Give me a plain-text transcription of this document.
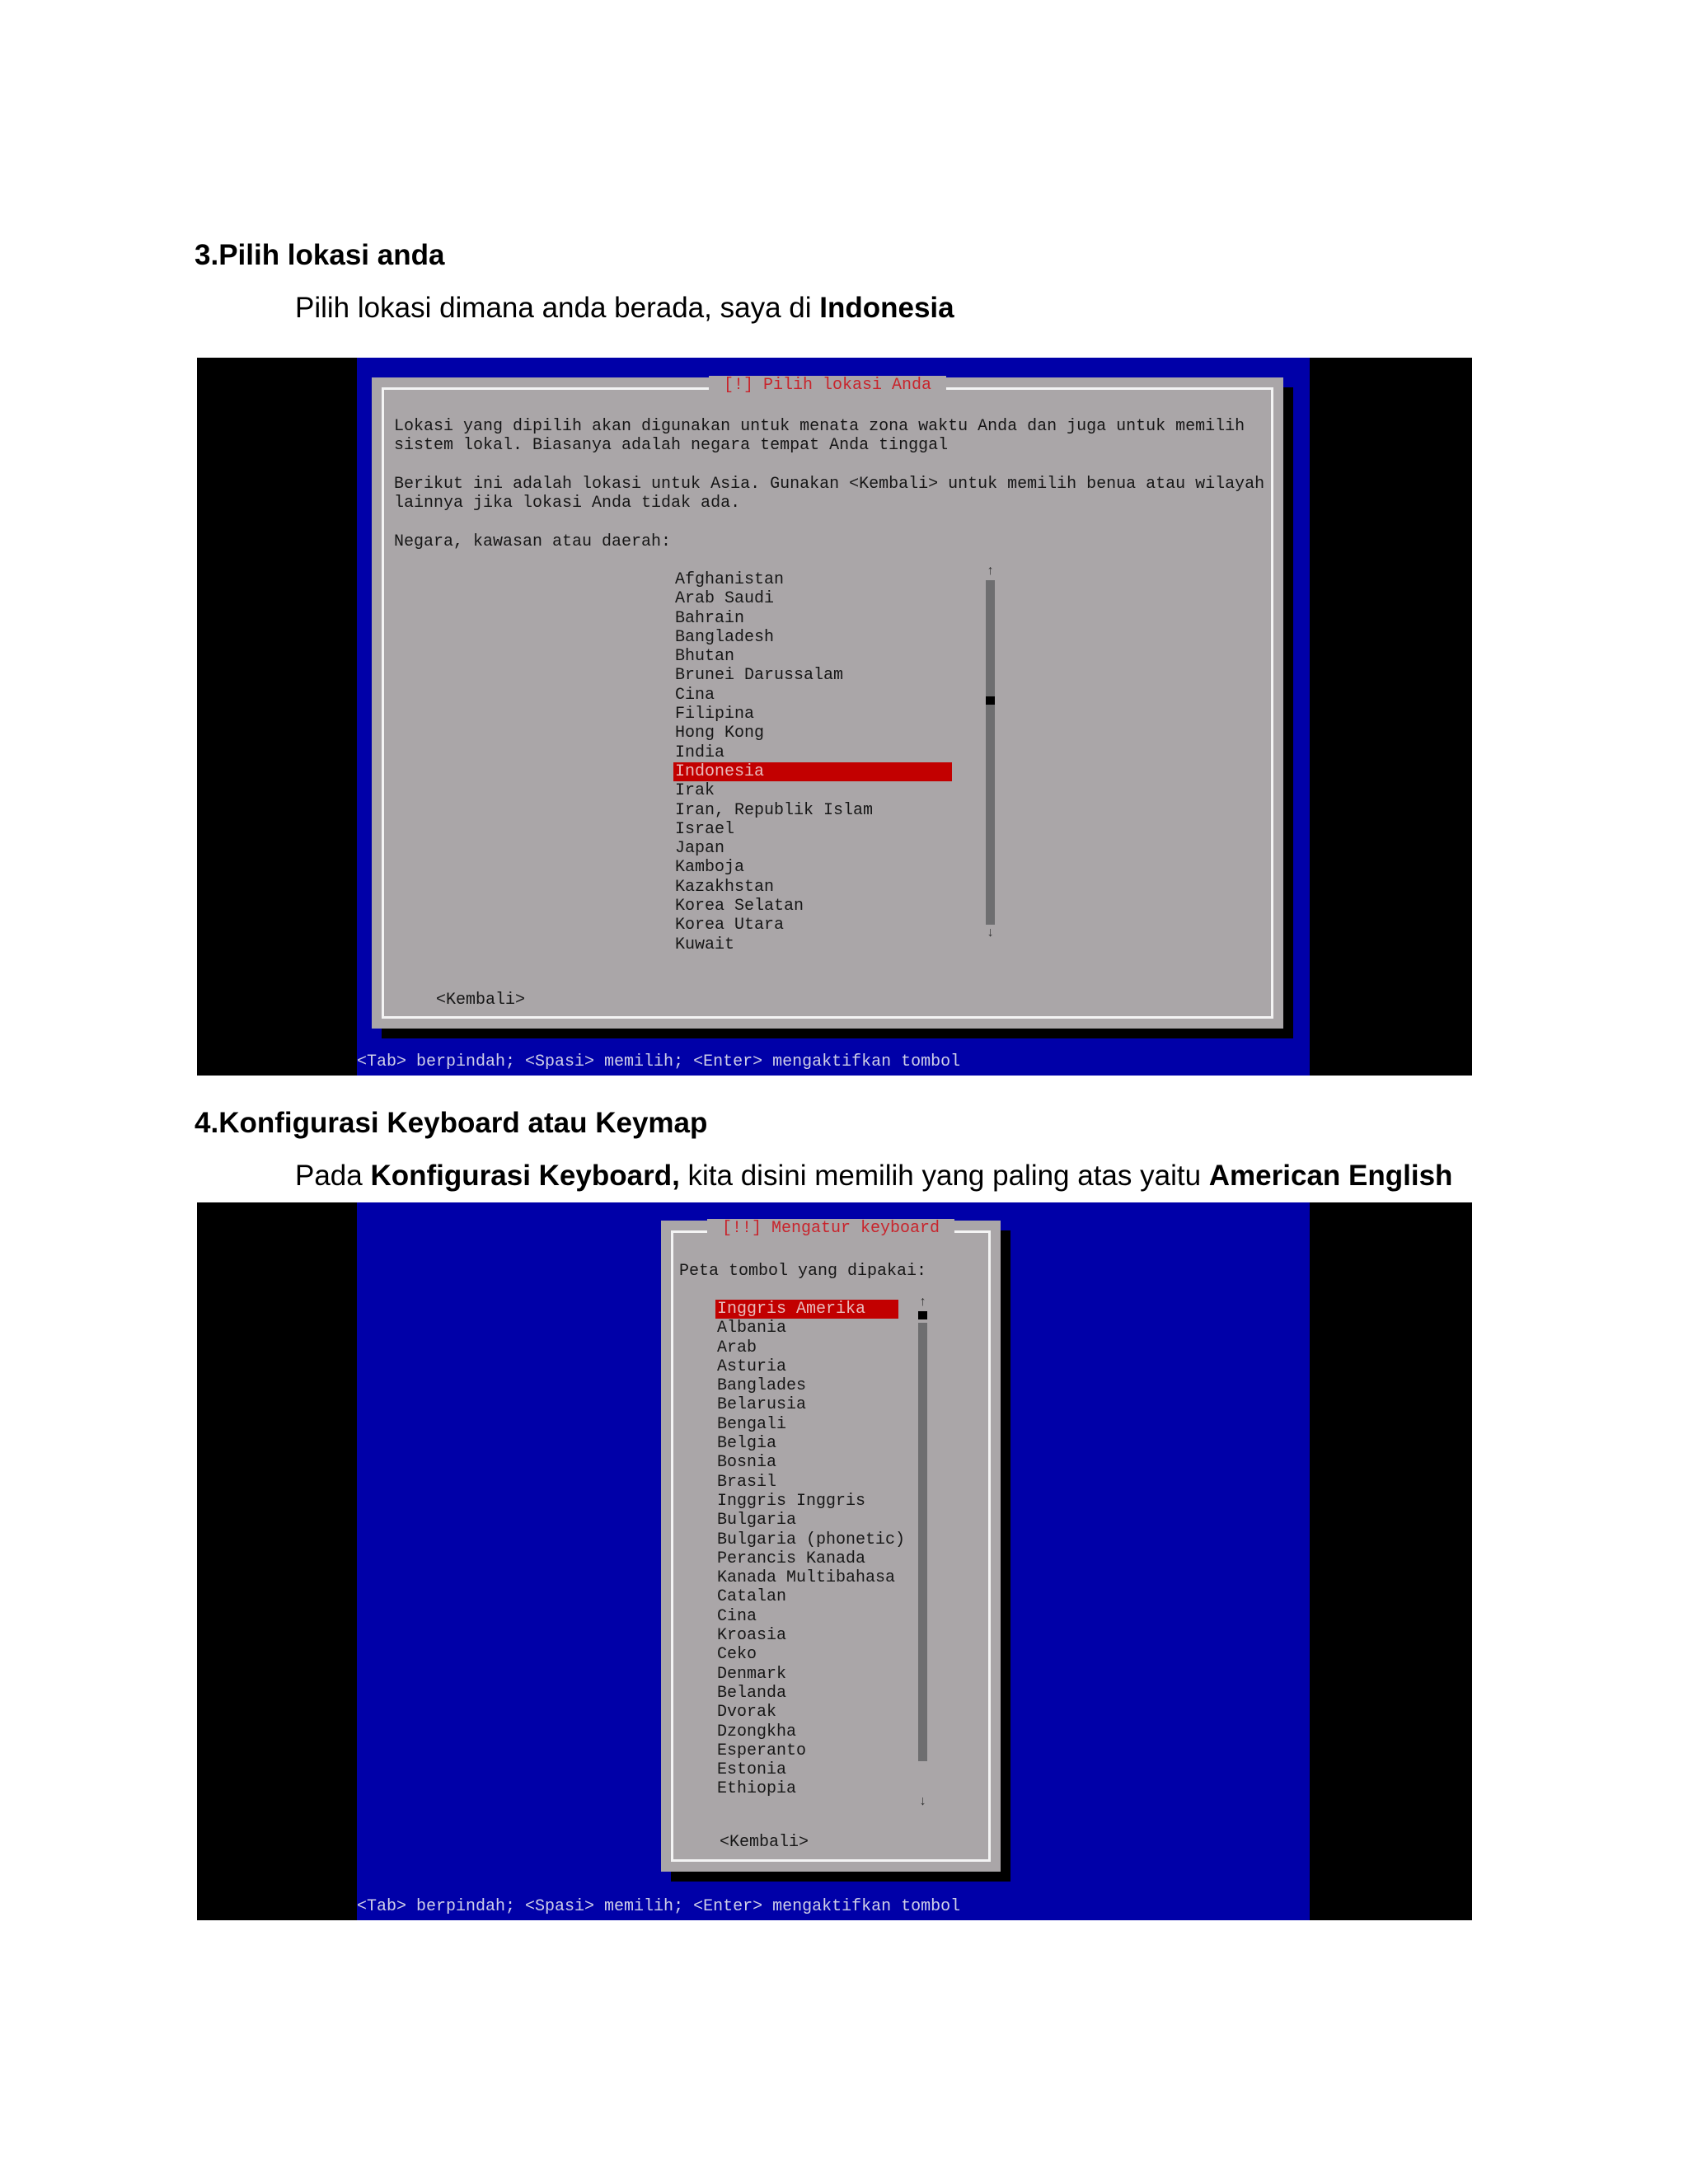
3.Pilih lokasi anda

Pilih lokasi dimana anda berada, saya di Indonesia

[!] Pilih lokasi Anda

Lokasi yang dipilih akan digunakan untuk menata zona waktu Anda dan juga untuk memilih

sistem lokal. Biasanya adalah negara tempat Anda tinggal

Berikut ini adalah lokasi untuk Asia. Gunakan <Kembali> untuk memilih benua atau wilayah

lainnya jika lokasi Anda tidak ada.

Negara, kawasan atau daerah:

Afghanistan
Arab Saudi
Bahrain
Bangladesh
Bhutan
Brunei Darussalam
Cina
Filipina
Hong Kong
India
Indonesia
Irak
Iran, Republik Islam
Israel
Japan
Kamboja
Kazakhstan
Korea Selatan
Korea Utara
Kuwait
↑
↓
<Kembali>
<Tab> berpindah; <Spasi> memilih; <Enter> mengaktifkan tombol
4.Konfigurasi Keyboard atau Keymap

Pada Konfigurasi Keyboard, kita disini memilih yang paling atas yaitu American English

[!!] Mengatur keyboard

Peta tombol yang dipakai:

Inggris Amerika
Albania
Arab
Asturia
Banglades
Belarusia
Bengali
Belgia
Bosnia
Brasil
Inggris Inggris
Bulgaria
Bulgaria (phonetic)
Perancis Kanada
Kanada Multibahasa
Catalan
Cina
Kroasia
Ceko
Denmark
Belanda
Dvorak
Dzongkha
Esperanto
Estonia
Ethiopia
↑
↓
<Kembali>
<Tab> berpindah; <Spasi> memilih; <Enter> mengaktifkan tombol
